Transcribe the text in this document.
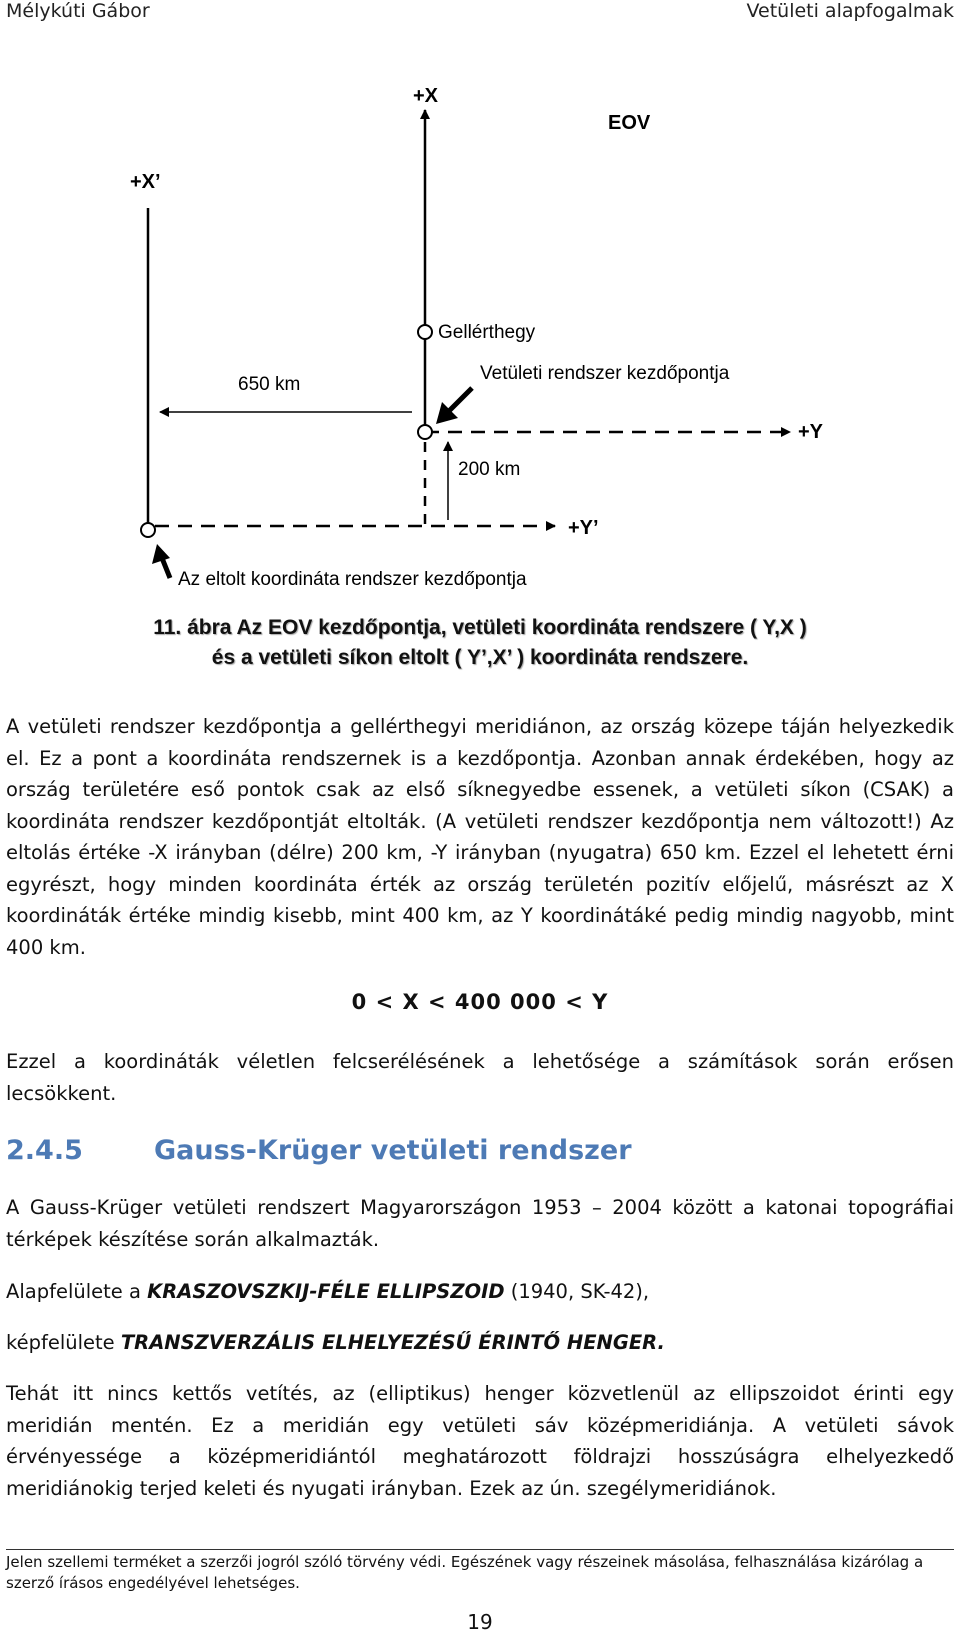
Mélykúti Gábor	Vetületi alapfogalmak
+X
EOV
+X’
Gellérthegy
650 km
Vetületi rendszer kezdőpontja
+Y
200 km
+Y’
Az eltolt koordináta rendszer kezdőpontja
11. ábra Az EOV kezdőpontja, vetületi koordináta rendszere ( Y,X )
és a vetületi síkon eltolt ( Y’,X’ ) koordináta rendszere.

A vetületi rendszer kezdőpontja a gellérthegyi meridiánon, az ország közepe táján helyezkedik el. Ez a pont a koordináta rendszernek is a kezdőpontja. Azonban annak érdekében, hogy az ország területére eső pontok csak az első síknegyedbe essenek, a vetületi síkon (CSAK) a koordináta rendszer kezdőpontját eltolták. (A vetületi rendszer kezdőpontja nem változott!) Az eltolás értéke -X irányban (délre) 200 km, -Y irányban (nyugatra) 650 km. Ezzel el lehetett érni egyrészt, hogy minden koordináta érték az ország területén pozitív előjelű, másrészt az X koordináták értéke mindig kisebb, mint 400 km, az Y koordinátáké pedig mindig nagyobb, mint 400 km.

0 < X < 400 000 < Y

Ezzel a koordináták véletlen felcserélésének a lehetősége a számítások során erősen lecsökkent.

2.4.5	Gauss-Krüger vetületi rendszer

A Gauss-Krüger vetületi rendszert Magyarországon 1953 – 2004 között a katonai topográfiai térképek készítése során alkalmazták.

Alapfelülete a KRASZOVSZKIJ-FÉLE ELLIPSZOID (1940, SK-42),

képfelülete TRANSZVERZÁLIS ELHELYEZÉSŰ ÉRINTŐ HENGER.

Tehát itt nincs kettős vetítés, az (elliptikus) henger közvetlenül az ellipszoidot érinti egy meridián mentén. Ez a meridián egy vetületi sáv középmeridiánja. A vetületi sávok érvényessége a középmeridiántól meghatározott földrajzi hosszúságra elhelyezkedő meridiánokig terjed keleti és nyugati irányban. Ezek az ún. szegélymeridiánok.

Jelen szellemi terméket a szerzői jogról szóló törvény védi. Egészének vagy részeinek másolása, felhasználása kizárólag a szerző írásos engedélyével lehetséges.
19
